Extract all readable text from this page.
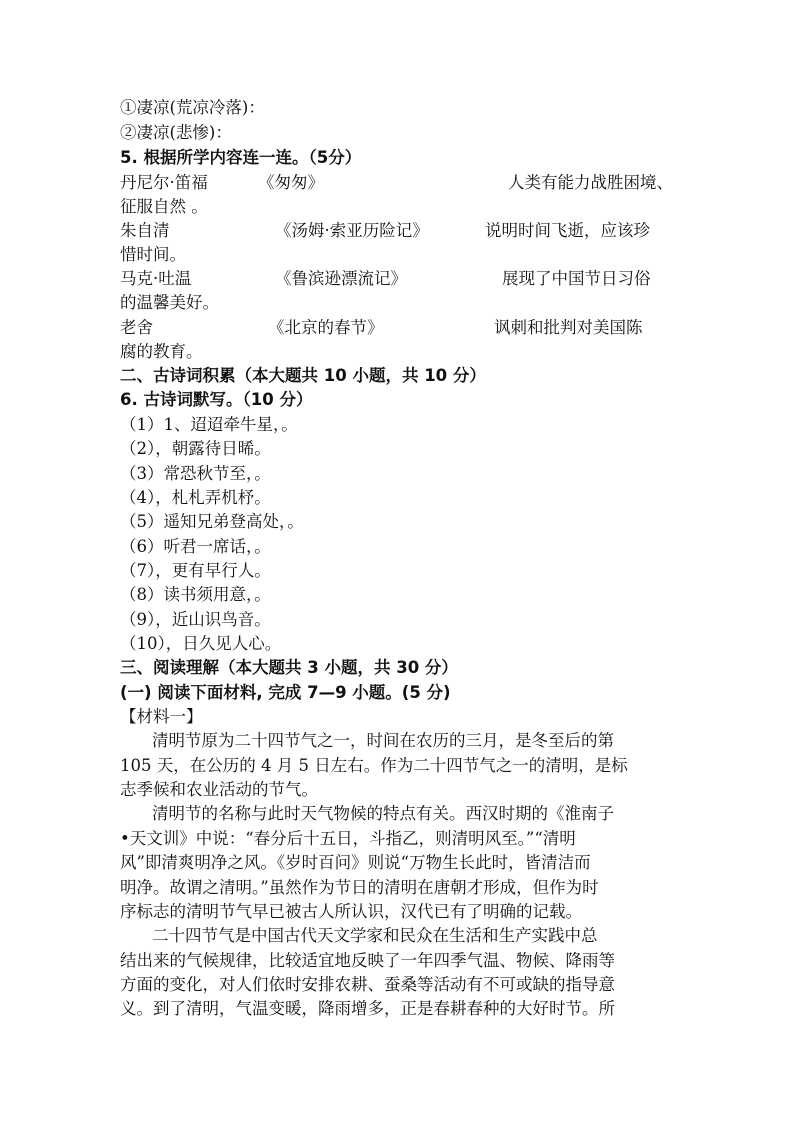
①凄凉(荒凉冷落)：
②凄凉(悲惨)：
5. 根据所学内容连一连。（5分）
丹尼尔·笛福	《匆匆》	人类有能力战胜困境、
征服自然 。
朱自清	《汤姆·索亚历险记》	说明时间飞逝，应该珍
惜时间。
马克·吐温	《鲁滨逊漂流记》	展现了中国节日习俗
的温馨美好。
老舍	《北京的春节》	讽刺和批判对美国陈
腐的教育。
二、古诗词积累（本大题共 10 小题，共 10 分）
6. 古诗词默写。（10 分）
（1）1、迢迢牵牛星，。
（2），朝露待日晞。
（3）常恐秋节至，。
（4），札札弄机杼。
（5）遥知兄弟登高处，。
（6）听君一席话，。
（7），更有早行人。
（8）读书须用意，。
（9），近山识鸟音。
（10），日久见人心。
三、阅读理解（本大题共 3 小题，共 30 分）
(一) 阅读下面材料, 完成 7—9 小题。(5 分)
【材料一】
清明节原为二十四节气之一，时间在农历的三月，是冬至后的第
105 天，在公历的 4 月 5 日左右。作为二十四节气之一的清明，是标
志季候和农业活动的节气。
清明节的名称与此时天气物候的特点有关。西汉时期的《淮南子
•天文训》中说：“春分后十五日，斗指乙，则清明风至。”“清明
风”即清爽明净之风。《岁时百问》则说“万物生长此时，皆清洁而
明净。故谓之清明。”虽然作为节日的清明在唐朝才形成，但作为时
序标志的清明节气早已被古人所认识，汉代已有了明确的记载。
二十四节气是中国古代天文学家和民众在生活和生产实践中总
结出来的气候规律，比较适宜地反映了一年四季气温、物候、降雨等
方面的变化，对人们依时安排农耕、蚕桑等活动有不可或缺的指导意
义。到了清明，气温变暖，降雨增多，正是春耕春种的大好时节。所
